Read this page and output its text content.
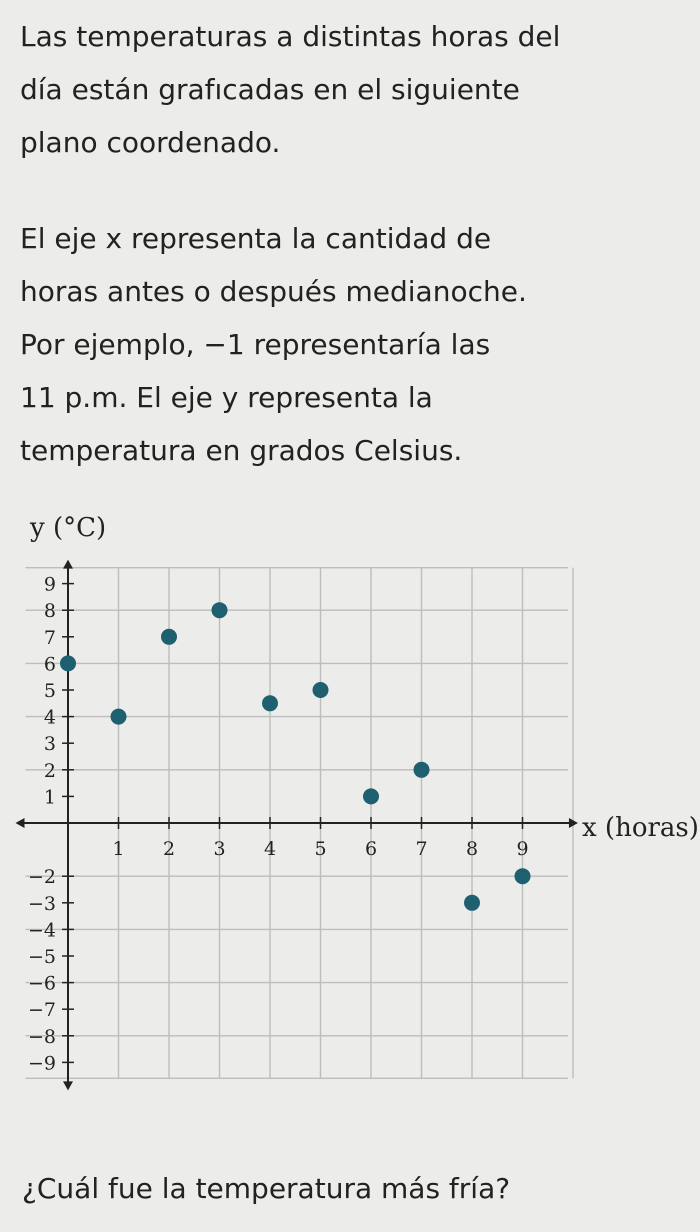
Las temperaturas a distintas horas del
día están grafıcadas en el siguiente
plano coordenado.

El eje x representa la cantidad de
horas antes o después medianoche.
Por ejemplo, −1 representaría las
11 p.m. El eje y representa la
temperatura en grados Celsius.

1 2 3 4 5 6 7 8 9
9
8
7
6
5
4
3
2
1
−2
−3
−4
−5
−6
−7
−8
−9
y (°C)
x (horas)

¿Cuál fue la temperatura más fría?
